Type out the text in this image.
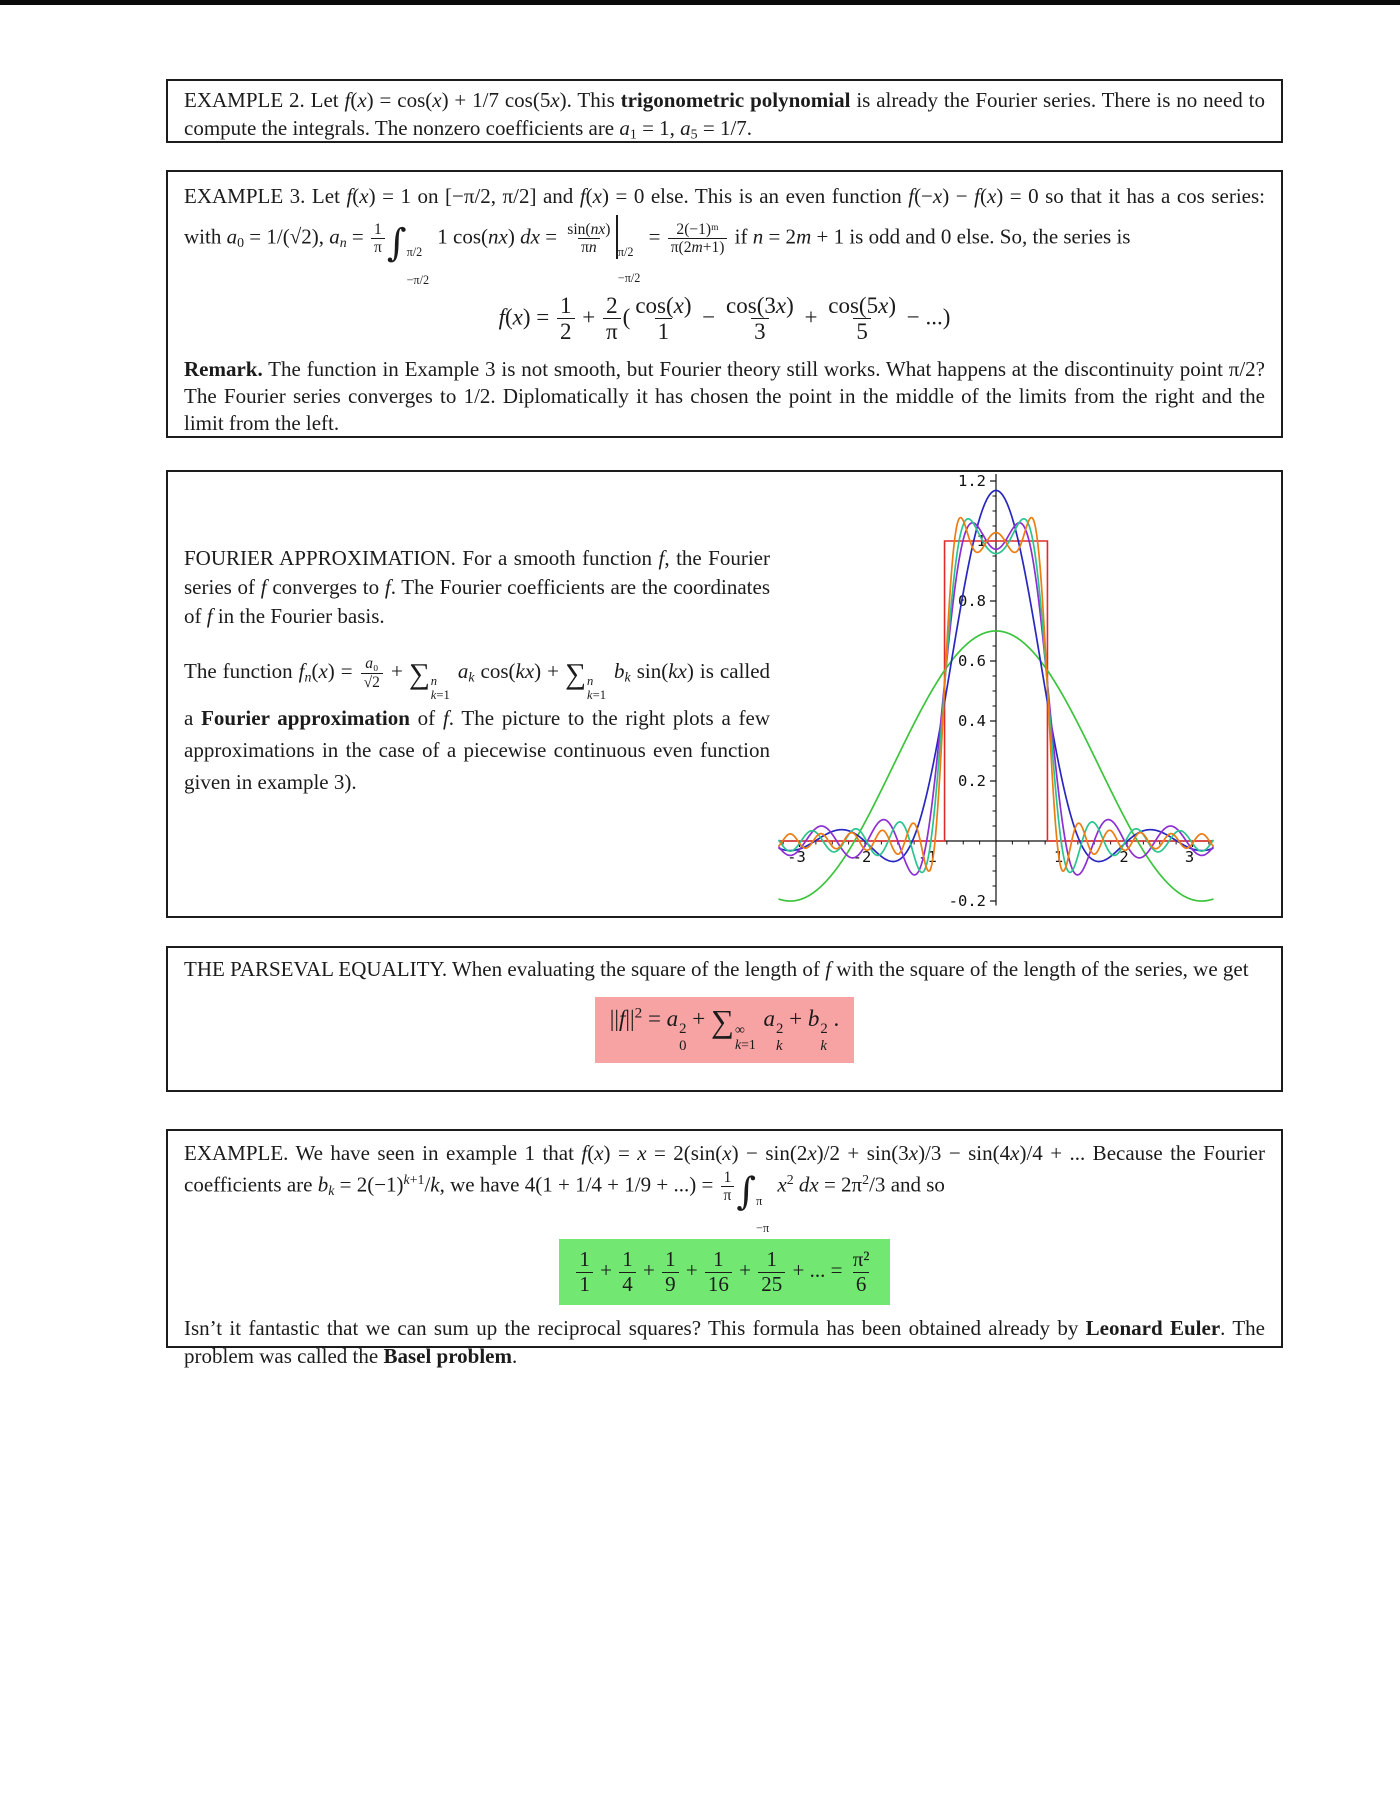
EXAMPLE 2. Let f(x) = cos(x) + 1/7 cos(5x). This trigonometric polynomial is already the Fourier series. There is no need to compute the integrals. The nonzero coefficients are a1 = 1, a5 = 1/7.

EXAMPLE 3. Let f(x) = 1 on [−π/2, π/2] and f(x) = 0 else. This is an even function f(−x) − f(x) = 0 so that it has a cos series: with a0 = 1/(√2), an = $\frac{1}{\pi}$ ∫ π/2
−π/2
1 cos(nx) dx = $\frac{\sin(nx)}{\pi n} \pi/2$
−π/2
= $\frac{\text{2(−1)ᵐ}}{\pi(2m+1)}$ if n = 2m + 1 is odd and 0 else. So, the series is

$f(x) = \frac{1}{2} + \frac{2}{\pi}$ ( $\frac{\cos(x)}{1} - \frac{\cos(3x)}{3} + \frac{\cos(5x)}{5}$ − ...)

Remark. The function in Example 3 is not smooth, but Fourier theory still works. What happens at the discontinuity point π/2? The Fourier series converges to 1/2. Diplomatically it has chosen the point in the middle of the limits from the right and the limit from the left.

FOURIER APPROXIMATION. For a smooth function f, the Fourier series of f converges to f. The Fourier coefficients are the coordinates of f in the Fourier basis.

The function $fn(x) = \frac{\text{a₀}}{√2}$ + ∑ n
k=1
ak cos(kx) + ∑ n
k=1
bk sin(kx) is called a Fourier approximation of f. The picture to the right plots a few approximations in the case of a piecewise continuous even function given in example 3).

-3	-2	-1	1	2	3
-0.2
0.2
0.4
0.6
0.8
1
1.2

THE PARSEVAL EQUALITY. When evaluating the square of the length of f with the square of the length of the series, we get

$||f||^2 = a$ 2
0
+ ∑ ∞
k=1
a 2
k
+ b 2
k
.

EXAMPLE. We have seen in example 1 that f(x) = x = 2(sin(x) − sin(2x)/2 + sin(3x)/3 − sin(4x)/4 + ... Because the Fourier coefficients are bk = $2(-1)^{k+1}/k$, we have 4(1 + 1/4 + 1/9 + ...) = $\frac{1}{\pi}$ ∫ π
−π
$x^2$ dx = $2\pi^2/3$ and so

$\frac{1}{1} + \frac{1}{4} + \frac{1}{9} + \frac{1}{16} + \frac{1}{25}$ + ... = $\frac{\text{π²}}{6}$

Isn’t it fantastic that we can sum up the reciprocal squares? This formula has been obtained already by Leonard Euler. The problem was called the Basel problem.
